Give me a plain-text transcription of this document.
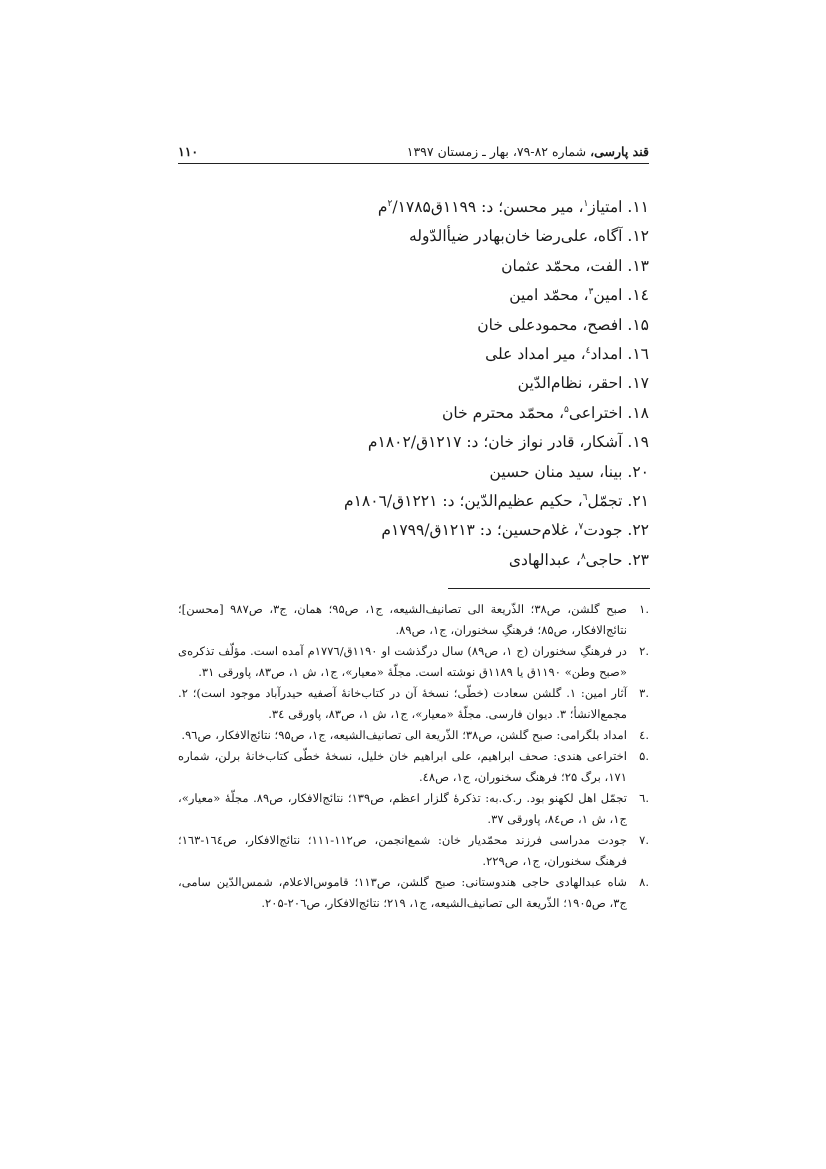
قند پارسی، شماره ۸۲-۷۹، بهار ـ زمستان ۱۳۹۷
۱۱۰
۱۱. امتیاز$^۱$، میر محسن؛ د: ۱۱۹۹ق$^۲$/۱۷۸۵م
۱۲. آگاه، علی‌رضا خان‌بهادر ضیأالدّوله
۱۳. الفت، محمّد عثمان
۱٤. امین$^۳$، محمّد امین
۱۵. افصح، محمودعلی خان
۱٦. امداد$^٤$، میر امداد علی
۱۷. احقر، نظام‌الدّین
۱۸. اختراعی$^۵$، محمّد محترم خان
۱۹. آشکار، قادر نواز خان؛ د: ۱۲۱۷ق/۱۸۰۲م
۲۰. بینا، سید منان حسین
۲۱. تجمّل$^٦$، حکیم عظیم‌الدّین؛ د: ۱۲۲۱ق/۱۸۰٦م
۲۲. جودت$^۷$، غلام‌حسین؛ د: ۱۲۱۳ق/۱۷۹۹م
۲۳. حاجی$^۸$، عبدالهادی

.۱
صبح گلشن، ص۳۸؛ الذّریعة الی تصانیف‌الشیعه، ج۱، ص۹۵؛ همان، ج۳، ص۹۸۷ [محسن]؛ نتائج‌الافکار، ص۸۵؛ فرهنگِ سخنوران، ج۱، ص۸۹.

.۲
در فرهنگِ سخنوران (ج ۱، ص۸۹) سال درگذشت او ۱۱۹۰ق/۱۷۷٦م آمده است. مؤلّف تذکره‌ی «صبح وطن» ۱۱۹۰ق یا ۱۱۸۹ق نوشته است. مجلّهٔ «معیار»، ج۱، ش ۱، ص۸۳، پاورقی ۳۱.

.۳
آثار امین: ۱. گلشن سعادت (خطّی؛ نسخهٔ آن در کتاب‌خانهٔ آصفیه حیدرآباد موجود است)؛ ۲. مجمع‌الانشأ؛ ۳. دیوان فارسی. مجلّهٔ «معیار»، ج۱، ش ۱، ص۸۳، پاورقی ۳٤.

.٤
امداد بلگرامی: صبح گلشن، ص۳۸؛ الذّریعة الی تصانیف‌الشیعه، ج۱، ص۹۵؛ نتائج‌الافکار، ص۹٦.

.۵
اختراعی هندی: صحف ابراهیم، علی ابراهیم خان خلیل، نسخهٔ خطّی کتاب‌خانهٔ برلن، شماره ۱۷۱، برگ ۲۵؛ فرهنگ سخنوران، ج۱، ص٤۸.

.٦
تجمّل اهل لکهنو بود. ر.ک.به: تذکرهٔ گلزار اعظم، ص۱۳۹؛ نتائج‌الافکار، ص۸۹. مجلّهٔ «معیار»، ج۱، ش ۱، ص۸٤، پاورقی ۳۷.

.۷
جودت مدراسی فرزند محمّدیار خان: شمع‌انجمن، ص۱۱۲-۱۱۱؛ نتائج‌الافکار، ص۱٦٤-۱٦۳؛ فرهنگ سخنوران، ج۱، ص۲۲۹.

.۸
شاه عبدالهادی حاجی هندوستانی: صبح گلشن، ص۱۱۳؛ قاموس‌الاعلام، شمس‌الدّین سامی، ج۳، ص۱۹۰۵؛ الذّریعة الی تصانیف‌الشیعه، ج۱، ۲۱۹؛ نتائج‌الافکار، ص۲۰٦-۲۰۵.
